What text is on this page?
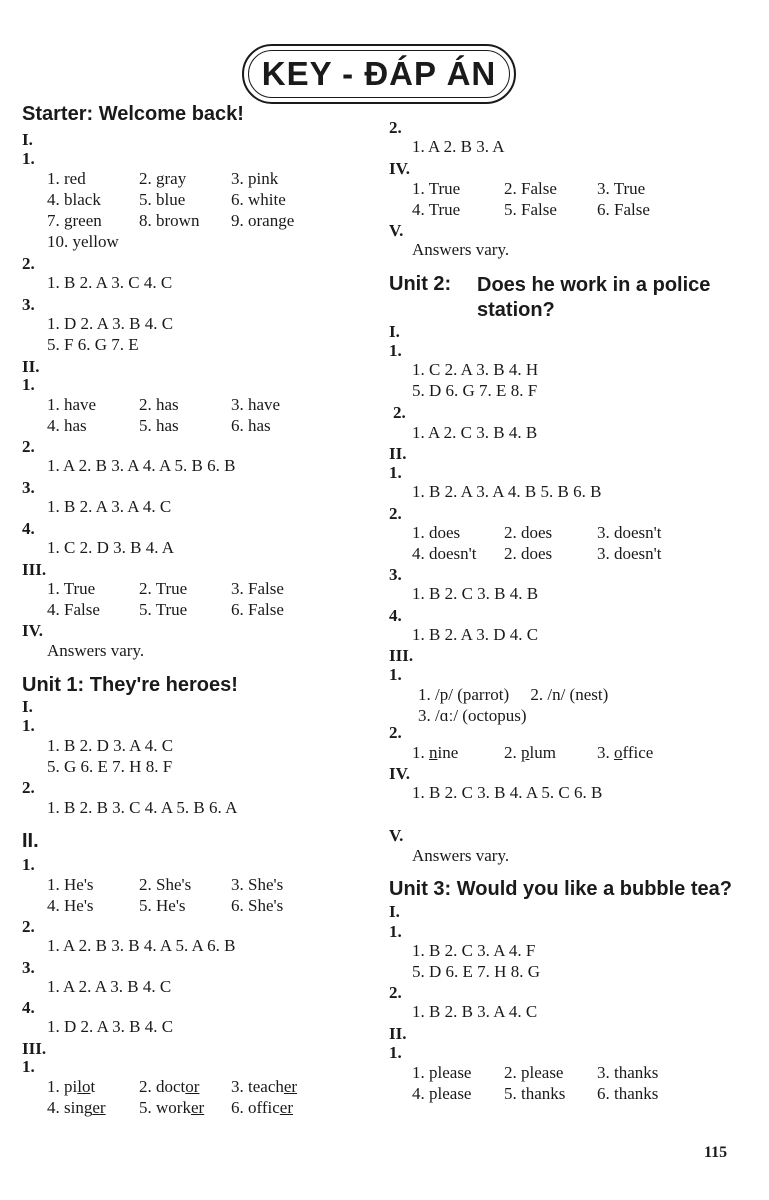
KEY - ĐÁP ÁN
Starter: Welcome back!
I.
1.
1. red	2. gray	3. pink
4. black 5. blue	6. white
7. green 8. brown 9. orange
10. yellow
2.
1. B 2. A 3. C 4. C
3.
1. D 2. A 3. B 4. C
5. F 6. G 7. E
II.
1.
1. have	2. has	3. have
4. has	5. has	6. has
2.
1. A 2. B 3. A 4. A 5. B 6. B
3.
1. B 2. A 3. A 4. C
4.
1. C 2. D 3. B 4. A
III.
1. True	2. True	3. False
4. False 5. True	6. False
IV.
Answers vary.
Unit 1: They're heroes!
I.
1.
1. B 2. D 3. A 4. C
5. G 6. E 7. H 8. F
2.
1. B 2. B 3. C 4. A 5. B 6. A
II.
1.
1. He's	2. She's 3. She's
4. He's	5. He's	6. She's
2.
1. A 2. B 3. B 4. A 5. A 6. B
3.
1. A 2. A 3. B 4. C
4.
1. D 2. A 3. B 4. C
III.
1.
1. pilot	2. doctor 3. teacher
4. singer 5. worker 6. officer
2.
1. A 2. B 3. A
IV.
1. True	2. False 3. True
4. True	5. False 6. False
V.
Answers vary.
Unit 2: Does he work in a police station?
I.
1.
1. C 2. A 3. B 4. H
5. D 6. G 7. E 8. F
2.
1. A 2. C 3. B 4. B
II.
1.
1. B 2. A 3. A 4. B 5. B 6. B
2.
1. does	2. does	3. doesn't
4. doesn't 2. does	3. doesn't
3.
1. B 2. C 3. B 4. B
4.
1. B 2. A 3. D 4. C
III.
1.
1. /p/ (parrot)     2. /n/ (nest)
3. /ɑː/ (octopus)
2.
1. nine	2. plum 3. office
IV.
1. B 2. C 3. B 4. A 5. C 6. B
V.
Answers vary.
Unit 3: Would you like a bubble tea?
I.
1.
1. B 2. C 3. A 4. F
5. D 6. E 7. H 8. G
2.
1. B 2. B 3. A 4. C
II.
1.
1. please 2. please 3. thanks
4. please 5. thanks 6. thanks
115
